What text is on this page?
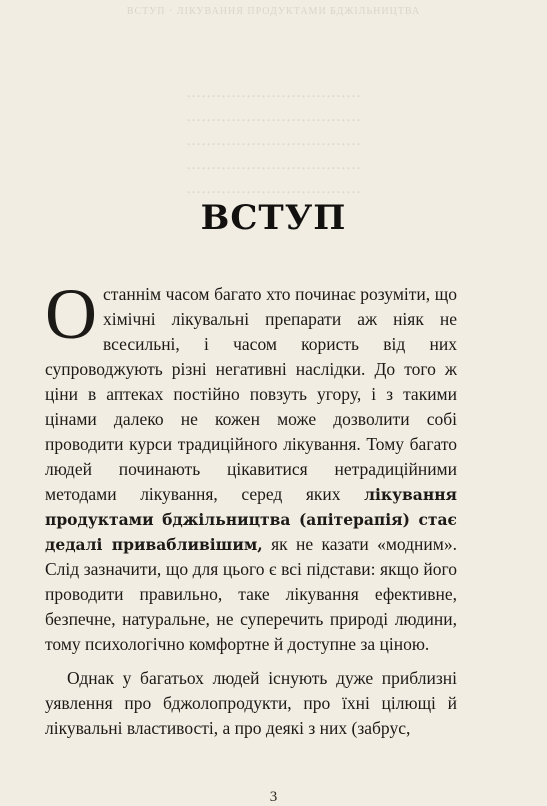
ВСТУП · ЛІКУВАННЯ ПРОДУКТАМИ БДЖІЛЬНИЦТВА
···································
···································
···································
···································
···································
ВСТУП

Останнім часом багато хто починає розуміти, що хімічні лікувальні препарати аж ніяк не всесильні, і часом користь від них супроводжують різні негативні наслідки. До того ж ціни в аптеках постійно повзуть угору, і з такими цінами далеко не кожен може дозволити собі проводити курси традиційного лікування. Тому багато людей починають цікавитися нетрадиційними методами лікування, серед яких лікування продуктами бджільництва (апітерапія) стає дедалі привабливішим, як не казати «модним». Слід зазначити, що для цього є всі підстави: якщо його проводити правильно, таке лікування ефективне, безпечне, натуральне, не суперечить природі людини, тому психологічно комфортне й доступне за ціною.

Однак у багатьох людей існують дуже приблизні уявлення про бджолопродукти, про їхні цілющі й лікувальні властивості, а про деякі з них (забрус,

3
